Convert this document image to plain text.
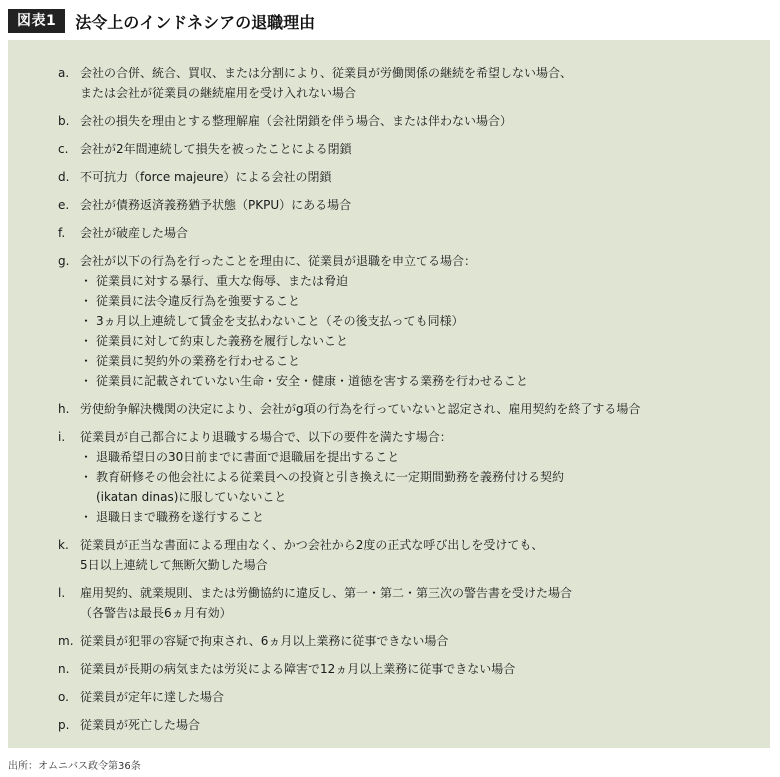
図表1	法令上のインドネシアの退職理由
a. 会社の合併、統合、買収、または分割により、従業員が労働関係の継続を希望しない場合、
または会社が従業員の継続雇用を受け入れない場合
b. 会社の損失を理由とする整理解雇（会社閉鎖を伴う場合、または伴わない場合）
c. 会社が2年間連続して損失を被ったことによる閉鎖
d. 不可抗力（force majeure）による会社の閉鎖
e. 会社が債務返済義務猶予状態（PKPU）にある場合
f.	会社が破産した場合
g. 会社が以下の行為を行ったことを理由に、従業員が退職を申立てる場合：
・ 従業員に対する暴行、重大な侮辱、または脅迫
・ 従業員に法令違反行為を強要すること
・ 3ヵ月以上連続して賃金を支払わないこと（その後支払っても同様）
・ 従業員に対して約束した義務を履行しないこと
・ 従業員に契約外の業務を行わせること
・ 従業員に記載されていない生命・安全・健康・道徳を害する業務を行わせること
h. 労使紛争解決機関の決定により、会社がg項の行為を行っていないと認定され、雇用契約を終了する場合
i.	従業員が自己都合により退職する場合で、以下の要件を満たす場合：
・ 退職希望日の30日前までに書面で退職届を提出すること
・ 教育研修その他会社による従業員への投資と引き換えに一定期間勤務を義務付ける契約
(ikatan dinas)に服していないこと
・ 退職日まで職務を遂行すること
k. 従業員が正当な書面による理由なく、かつ会社から2度の正式な呼び出しを受けても、
5日以上連続して無断欠勤した場合
l.	雇用契約、就業規則、または労働協約に違反し、第一・第二・第三次の警告書を受けた場合
（各警告は最長6ヵ月有効）
m. 従業員が犯罪の容疑で拘束され、6ヵ月以上業務に従事できない場合
n. 従業員が長期の病気または労災による障害で12ヵ月以上業務に従事できない場合
o. 従業員が定年に達した場合
p. 従業員が死亡した場合
出所：オムニバス政令第36条
